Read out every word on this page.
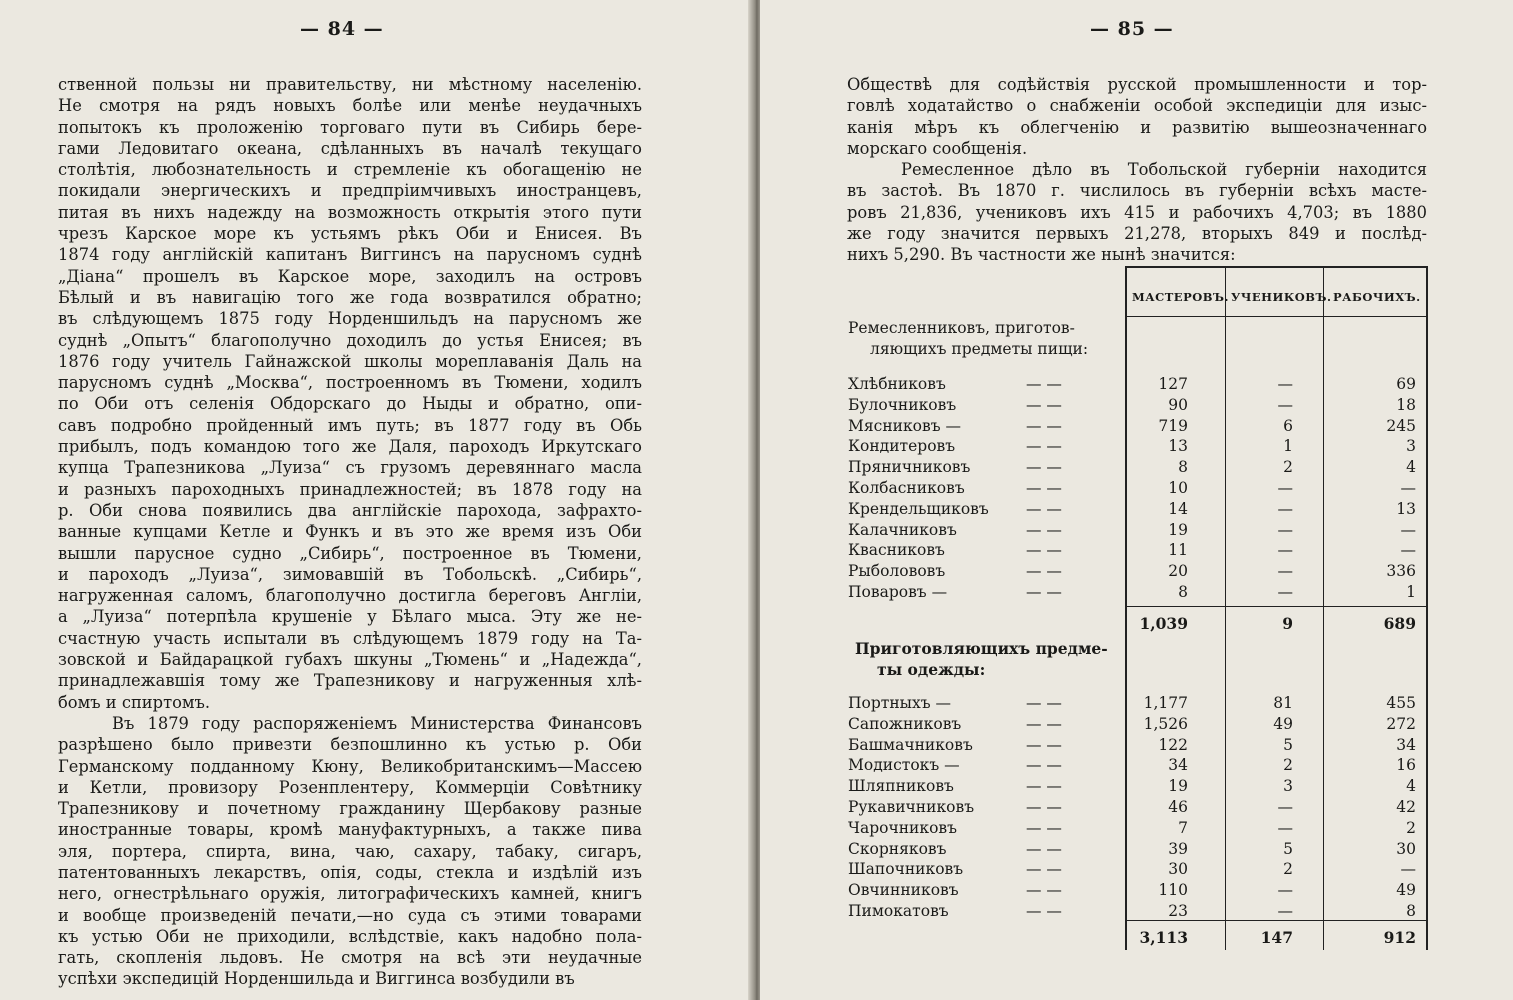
— 84 —
ственной пользы ни правительству, ни мѣстному населенію.
Не смотря на рядъ новыхъ болѣе или менѣе неудачныхъ
попытокъ къ проложенію торговаго пути въ Сибирь бере-
гами Ледовитаго океана, сдѣланныхъ въ началѣ текущаго
столѣтія, любознательность и стремленіе къ обогащенію не
покидали энергическихъ и предпріимчивыхъ иностранцевъ,
питая въ нихъ надежду на возможность открытія этого пути
чрезъ Карское море къ устьямъ рѣкъ Оби и Енисея. Въ
1874 году англійскій капитанъ Виггинсъ на парусномъ суднѣ
„Діана“ прошелъ въ Карское море, заходилъ на островъ
Бѣлый и въ навигацію того же года возвратился обратно;
въ слѣдующемъ 1875 году Норденшильдъ на парусномъ же
суднѣ „Опытъ“ благополучно доходилъ до устья Енисея; въ
1876 году учитель Гайнажской школы мореплаванія Даль на
парусномъ суднѣ „Москва“, построенномъ въ Тюмени, ходилъ
по Оби отъ селенія Обдорскаго до Ныды и обратно, опи-
савъ подробно пройденный имъ путь; въ 1877 году въ Обь
прибылъ, подъ командою того же Даля, пароходъ Иркутскаго
купца Трапезникова „Луиза“ съ грузомъ деревяннаго масла
и разныхъ пароходныхъ принадлежностей; въ 1878 году на
р. Оби снова появились два англійскіе парохода, зафрахто-
ванные купцами Кетле и Функъ и въ это же время изъ Оби
вышли парусное судно „Сибирь“, построенное въ Тюмени,
и пароходъ „Луиза“, зимовавшій въ Тобольскѣ. „Сибирь“,
нагруженная саломъ, благополучно достигла береговъ Англіи,
а „Луиза“ потерпѣла крушеніе у Бѣлаго мыса. Эту же не-
счастную участь испытали въ слѣдующемъ 1879 году на Та-
зовской и Байдарацкой губахъ шкуны „Тюмень“ и „Надежда“,
принадлежавшія тому же Трапезникову и нагруженныя хлѣ-
бомъ и спиртомъ.
Въ 1879 году распоряженіемъ Министерства Финансовъ
разрѣшено было привезти безпошлинно къ устью р. Оби
Германскому подданному Кюну, Великобританскимъ—Массею
и Кетли, провизору Розенплентеру, Коммерціи Совѣтнику
Трапезникову и почетному гражданину Щербакову разные
иностранные товары, кромѣ мануфактурныхъ, а также пива
эля, портера, спирта, вина, чаю, сахару, табаку, сигаръ,
патентованныхъ лекарствъ, опія, соды, стекла и издѣлій изъ
него, огнестрѣльнаго оружія, литографическихъ камней, книгъ
и вообще произведеній печати,—но суда съ этими товарами
къ устью Оби не приходили, вслѣдствіе, какъ надобно пола-
гать, скопленія льдовъ. Не смотря на всѣ эти неудачные
успѣхи экспедицій Норденшильда и Виггинса возбудили въ
— 85 —
Обществѣ для содѣйствія русской промышленности и тор-
говлѣ ходатайство о снабженіи особой экспедиціи для изыс-
канія мѣръ къ облегченію и развитію вышеозначеннаго
морскаго сообщенія.
Ремесленное дѣло въ Тобольской губерніи находится
въ застоѣ. Въ 1870 г. числилось въ губерніи всѣхъ масте-
ровъ 21,836, учениковъ ихъ 415 и рабочихъ 4,703; въ 1880
же году значится первыхъ 21,278, вторыхъ 849 и послѣд-
нихъ 5,290. Въ частности же нынѣ значится:
МАСТЕРОВЪ. УЧЕНИКОВЪ. РАБОЧИХЪ.
Ремесленниковъ, приготов-
ляющихъ предметы пищи:
Хлѣбниковъ	— —	127	—	69
Булочниковъ	— —	90	—	18
Мясниковъ —	— —	719	6	245
Кондитеровъ	— —	13	1	3
Пряничниковъ	— —	8	2	4
Колбасниковъ	— —	10	—	—
Крендельщиковъ — —	14	—	13
Калачниковъ	— —	19	—	—
Квасниковъ	— —	11	—	—
Рыболововъ	— —	20	—	336
Поваровъ —	— —	8	—	1
1,039	9	689
Приготовляющихъ предме-
ты одежды:
Портныхъ —	— —	1,177	81	455
Сапожниковъ	— —	1,526	49	272
Башмачниковъ	— —	122	5	34
Модистокъ —	— —	34	2	16
Шляпниковъ	— —	19	3	4
Рукавичниковъ	— —	46	—	42
Чарочниковъ	— —	7	—	2
Скорняковъ	— —	39	5	30
Шапочниковъ	— —	30	2	—
Овчинниковъ	— —	110	—	49
Пимокатовъ	— —	23	—	8
3,113	147	912
